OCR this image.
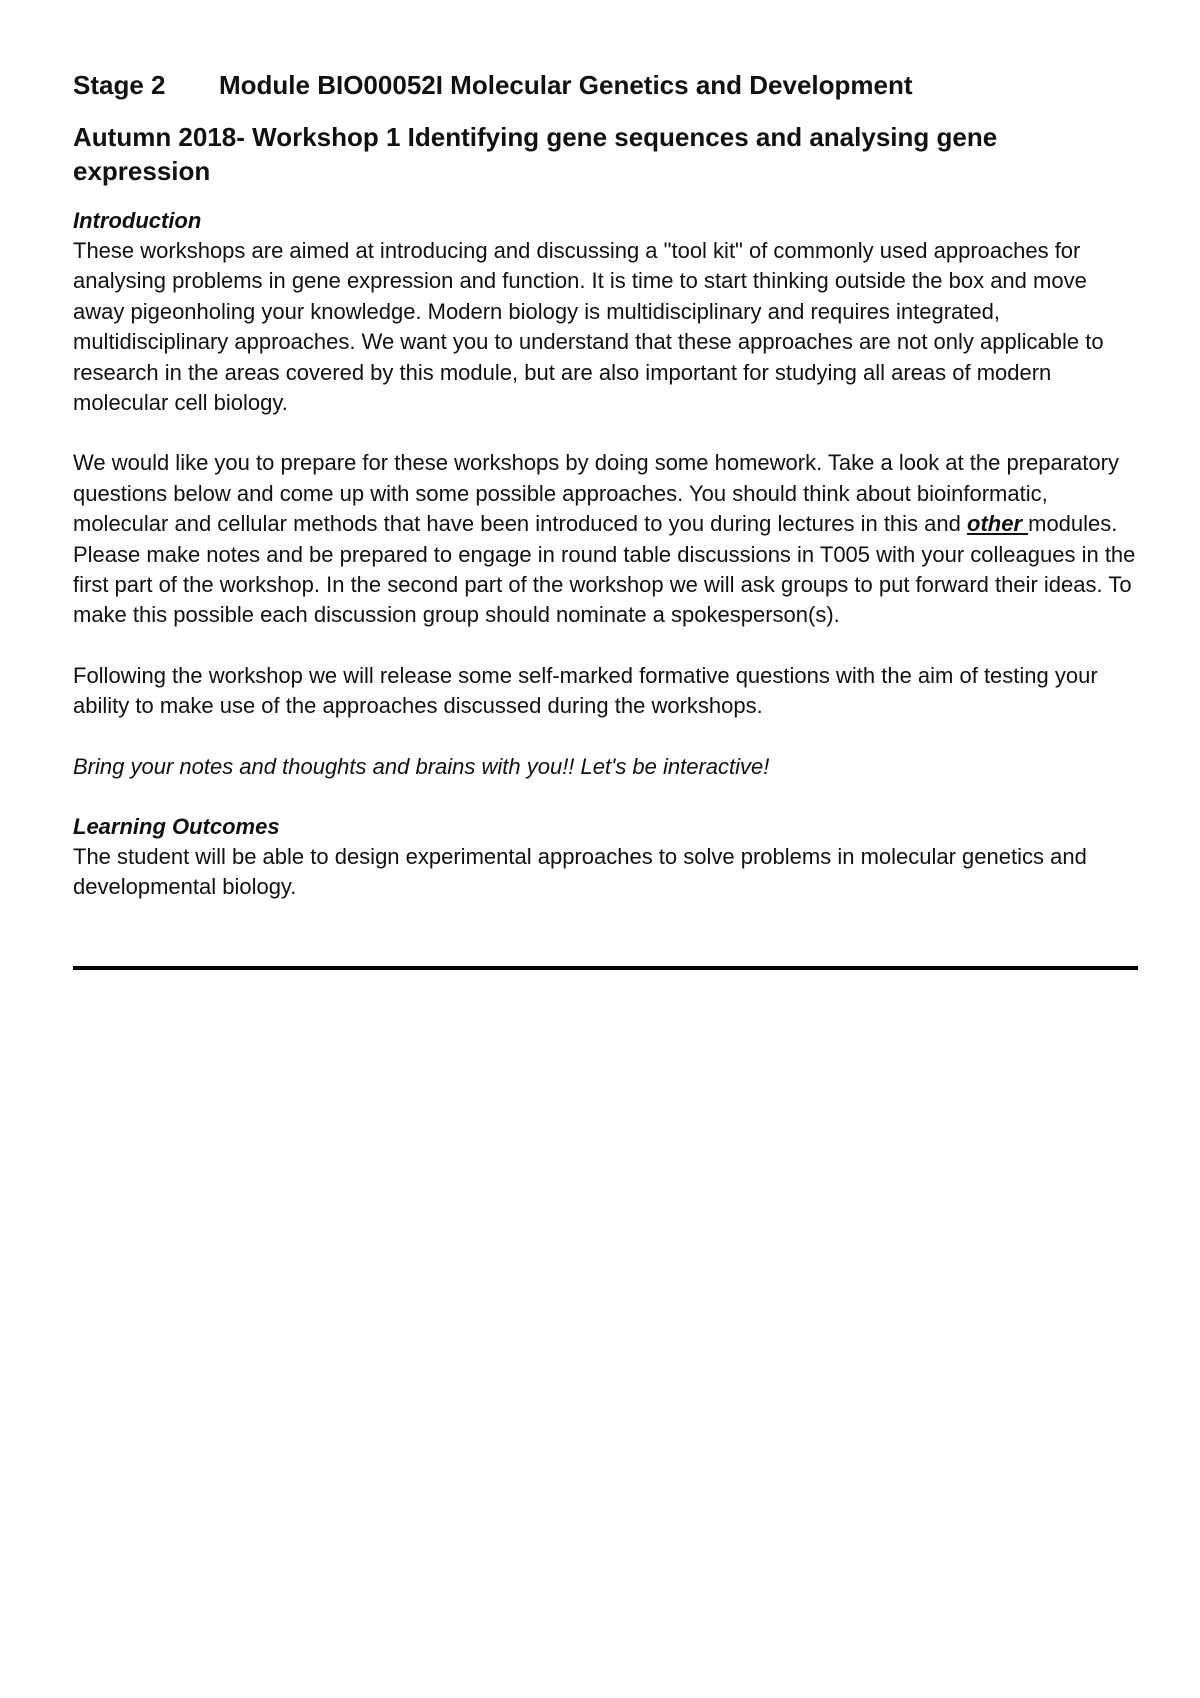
Stage 2	Module BIO00052I Molecular Genetics and Development
Autumn 2018- Workshop 1 Identifying gene sequences and analysing gene expression
Introduction

These workshops are aimed at introducing and discussing a "tool kit" of commonly used approaches for analysing problems in gene expression and function. It is time to start thinking outside the box and move away pigeonholing your knowledge. Modern biology is multidisciplinary and requires integrated, multidisciplinary approaches. We want you to understand that these approaches are not only applicable to research in the areas covered by this module, but are also important for studying all areas of modern molecular cell biology.

We would like you to prepare for these workshops by doing some homework. Take a look at the preparatory questions below and come up with some possible approaches. You should think about bioinformatic, molecular and cellular methods that have been introduced to you during lectures in this and other modules. Please make notes and be prepared to engage in round table discussions in T005 with your colleagues in the first part of the workshop. In the second part of the workshop we will ask groups to put forward their ideas. To make this possible each discussion group should nominate a spokesperson(s).

Following the workshop we will release some self-marked formative questions with the aim of testing your ability to make use of the approaches discussed during the workshops.

Bring your notes and thoughts and brains with you!! Let's be interactive!

Learning Outcomes

The student will be able to design experimental approaches to solve problems in molecular genetics and developmental biology.
